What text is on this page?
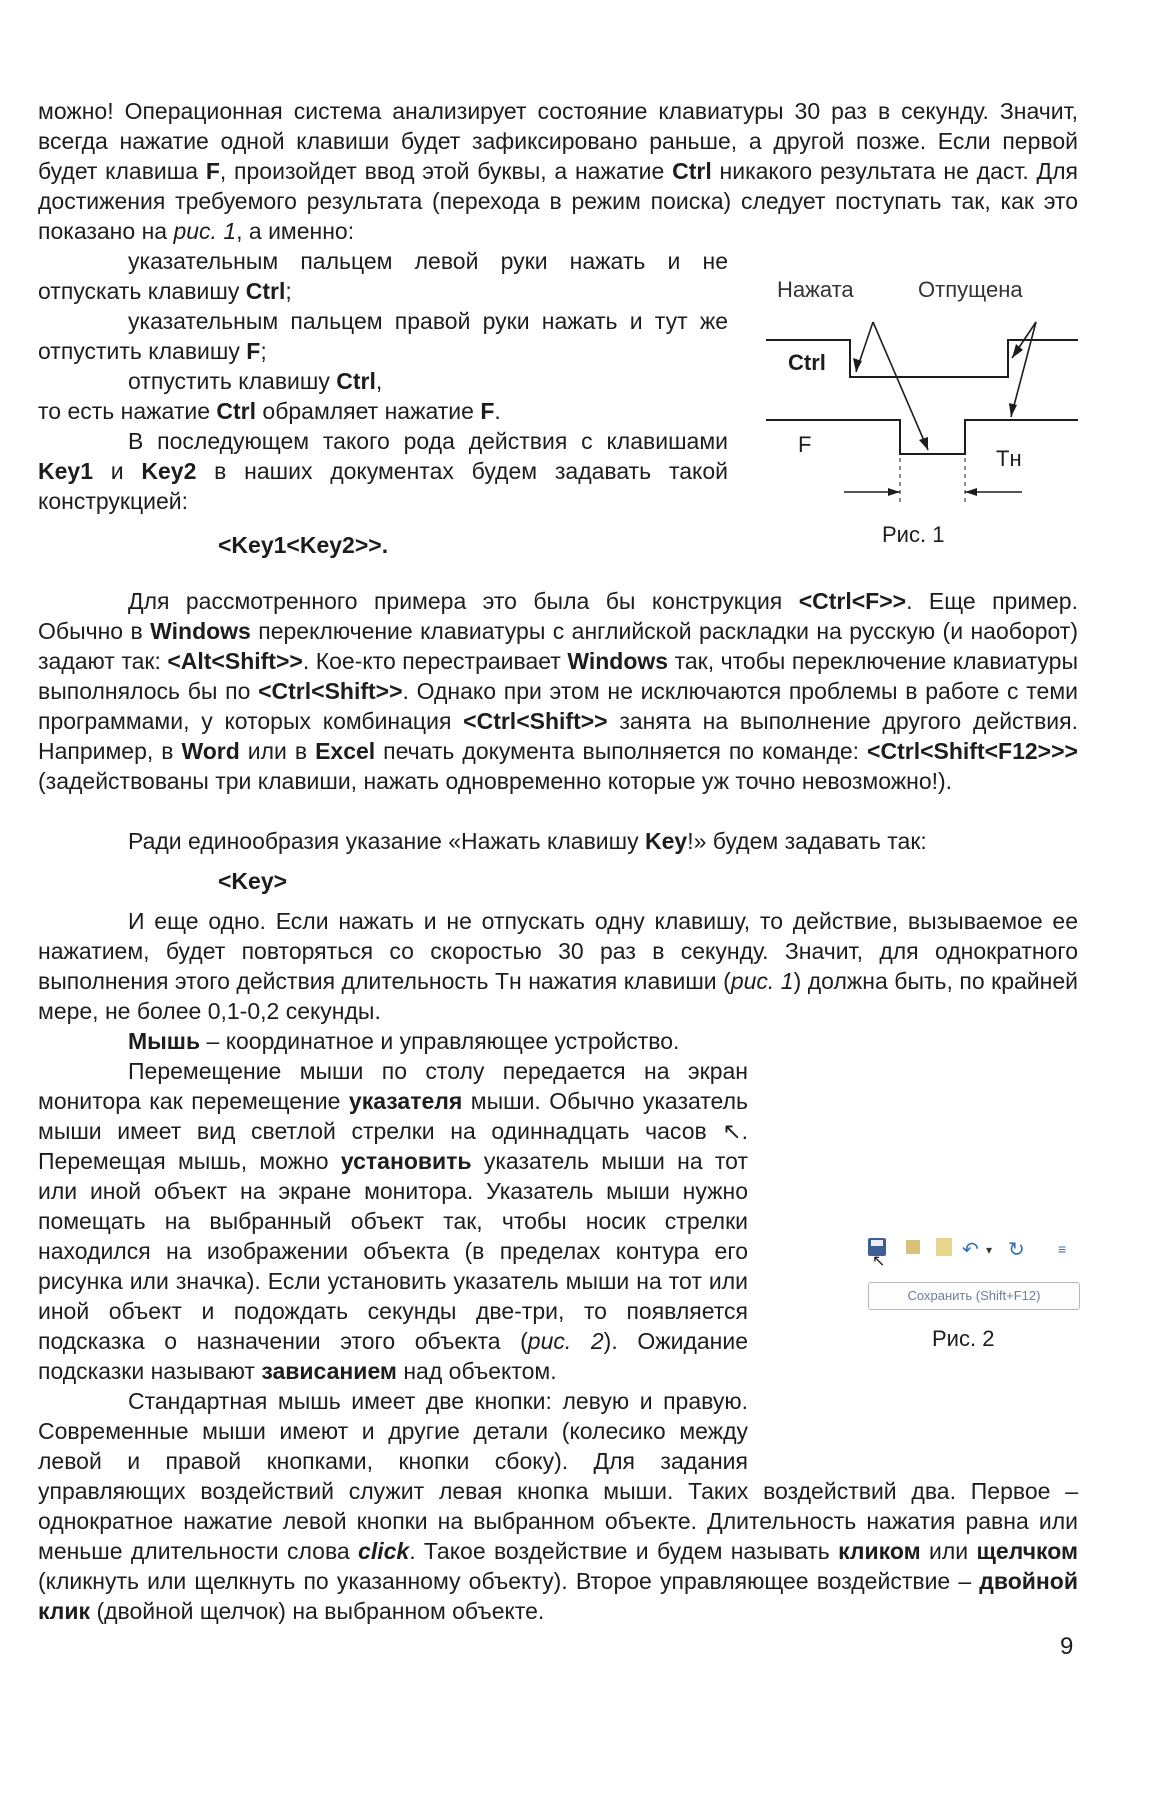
можно! Операционная система анализирует состояние клавиатуры 30 раз в секунду. Значит, всегда нажатие одной клавиши будет зафиксировано раньше, а другой позже. Если первой будет клавиша F, произойдет ввод этой буквы, а нажатие Ctrl никакого результата не даст. Для достижения требуемого результата (перехода в режим поиска) следует поступать так, как это показано на рис. 1, а именно:

указательным пальцем левой руки нажать и не отпускать клавишу Ctrl;

указательным пальцем правой руки нажать и тут же отпустить клавишу F;

отпустить клавишу Ctrl,

то есть нажатие Ctrl обрамляет нажатие F.

В последующем такого рода действия с клавишами Key1 и Key2 в наших документах будем задавать такой конструкцией:

<Key1<Key2>>.

Нажата	Отпущена
Ctrl
F
Tн
Рис. 1

Для рассмотренного примера это была бы конструкция <Ctrl<F>>. Еще пример. Обычно в Windows переключение клавиатуры с английской раскладки на русскую (и наоборот) задают так: <Alt<Shift>>. Кое-кто перестраивает Windows так, чтобы переключение клавиатуры выполнялось бы по <Ctrl<Shift>>. Однако при этом не исключаются проблемы в работе с теми программами, у которых комбинация <Ctrl<Shift>> занята на выполнение другого действия. Например, в Word или в Excel печать документа выполняется по команде: <Ctrl<Shift<F12>>> (задействованы три клавиши, нажать одновременно которые уж точно невозможно!).

Ради единообразия указание «Нажать клавишу Key!» будем задавать так:

<Key>

И еще одно. Если нажать и не отпускать одну клавишу, то действие, вызываемое ее нажатием, будет повторяться со скоростью 30 раз в секунду. Значит, для однократного выполнения этого действия длительность Tн нажатия клавиши (рис. 1) должна быть, по крайней мере, не более 0,1-0,2 секунды.

Мышь – координатное и управляющее устройство.

Перемещение мыши по столу передается на экран монитора как перемещение указателя мыши. Обычно указатель мыши имеет вид светлой стрелки на одиннадцать часов ↖. Перемещая мышь, можно установить указатель мыши на тот или иной объект на экране монитора. Указатель мыши нужно помещать на выбранный объект так, чтобы носик стрелки находился на изображении объекта (в пределах контура его рисунка или значка). Если установить указатель мыши на тот или иной объект и подождать секунды две-три, то появляется подсказка о назначении этого объекта (рис. 2). Ожидание подсказки называют зависанием над объектом.

↖
↶ ▾ ↻ ≡
Сохранить (Shift+F12)
Рис. 2

Стандартная мышь имеет две кнопки: левую и правую. Современные мыши имеют и другие детали (колесико между левой и правой кнопками, кнопки сбоку). Для задания управляющих воздействий служит левая кнопка мыши. Таких воздействий два. Первое – однократное нажатие левой кнопки на выбранном объекте. Длительность нажатия равна или меньше длительности слова click. Такое воздействие и будем называть кликом или щелчком (кликнуть или щелкнуть по указанному объекту). Второе управляющее воздействие – двойной клик (двойной щелчок) на выбранном объекте.

9
